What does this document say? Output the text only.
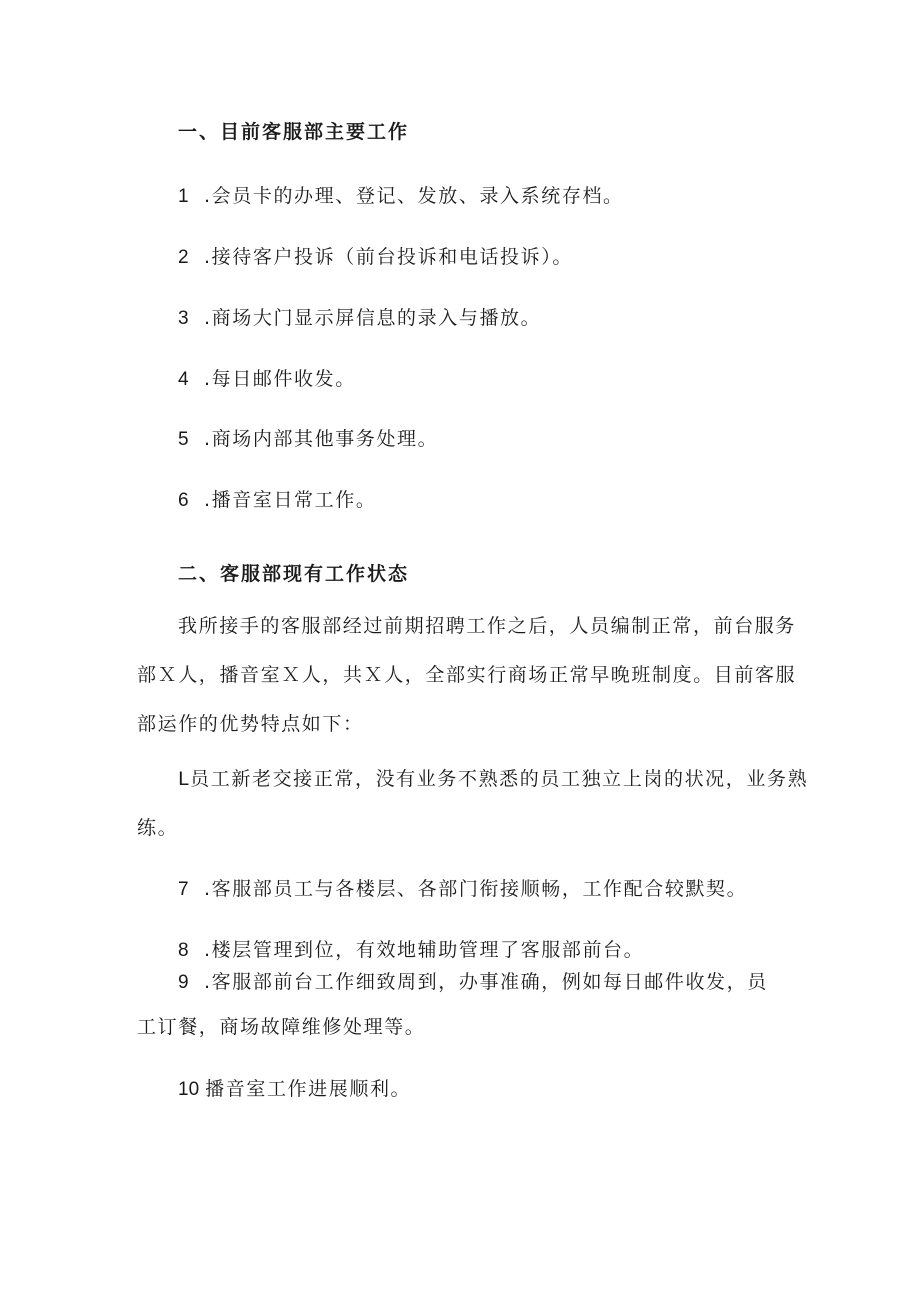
一、目前客服部主要工作
1 .会员卡的办理、登记、发放、录入系统存档。
2 .接待客户投诉（前台投诉和电话投诉）。
3 .商场大门显示屏信息的录入与播放。
4 .每日邮件收发。
5 .商场内部其他事务处理。
6 .播音室日常工作。
二、客服部现有工作状态
我所接手的客服部经过前期招聘工作之后，人员编制正常，前台服务
部Ｘ人，播音室Ｘ人，共Ｘ人，全部实行商场正常早晚班制度。目前客服
部运作的优势特点如下：
L员工新老交接正常，没有业务不熟悉的员工独立上岗的状况，业务熟
练。
7 .客服部员工与各楼层、各部门衔接顺畅，工作配合较默契。
8 .楼层管理到位，有效地辅助管理了客服部前台。
9 .客服部前台工作细致周到，办事准确，例如每日邮件收发，员
工订餐，商场故障维修处理等。
10 播音室工作进展顺利。
